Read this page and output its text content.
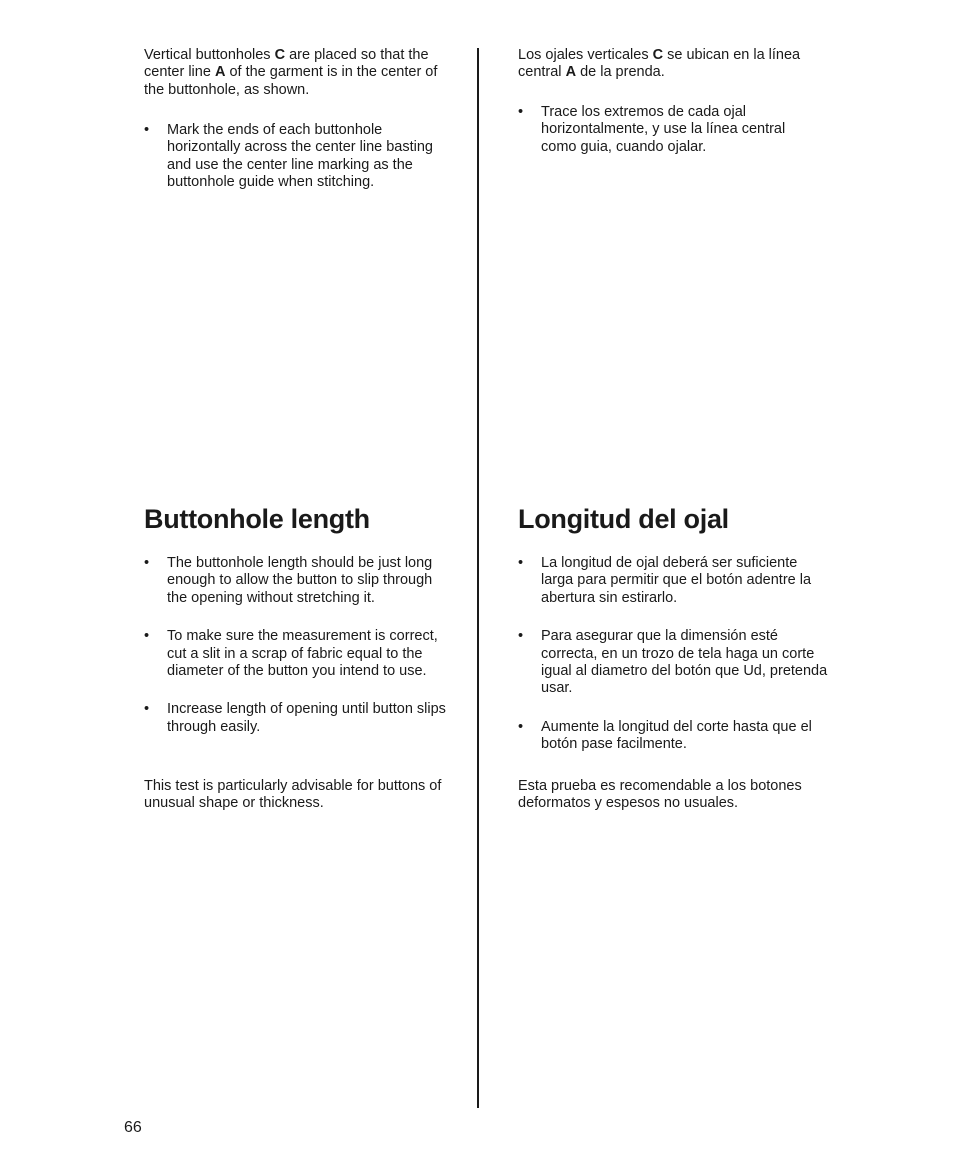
Vertical buttonholes C are placed so that the center line A of the garment is in the center of the buttonhole, as shown.

• Mark the ends of each buttonhole horizontally across the center line basting and use the center line marking as the buttonhole guide when stitching.
Buttonhole length
• The buttonhole length should be just long enough to allow the button to slip through the opening without stretching it.
• To make sure the measurement is correct, cut a slit in a scrap of fabric equal to the diameter of the button you intend to use.
• Increase length of opening until button slips through easily.

This test is particularly advisable for buttons of unusual shape or thickness.

Los ojales verticales C se ubican en la línea central A de la prenda.

• Trace los extremos de cada ojal horizontalmente, y use la línea central como guia, cuando ojalar.
Longitud del ojal
• La longitud de ojal deberá ser suficiente larga para permitir que el botón adentre la abertura sin estirarlo.
• Para asegurar que la dimensión esté correcta, en un trozo de tela haga un corte igual al diametro del botón que Ud, pretenda usar.
• Aumente la longitud del corte hasta que el botón pase facilmente.

Esta prueba es recomendable a los botones deformatos y espesos no usuales.

66
